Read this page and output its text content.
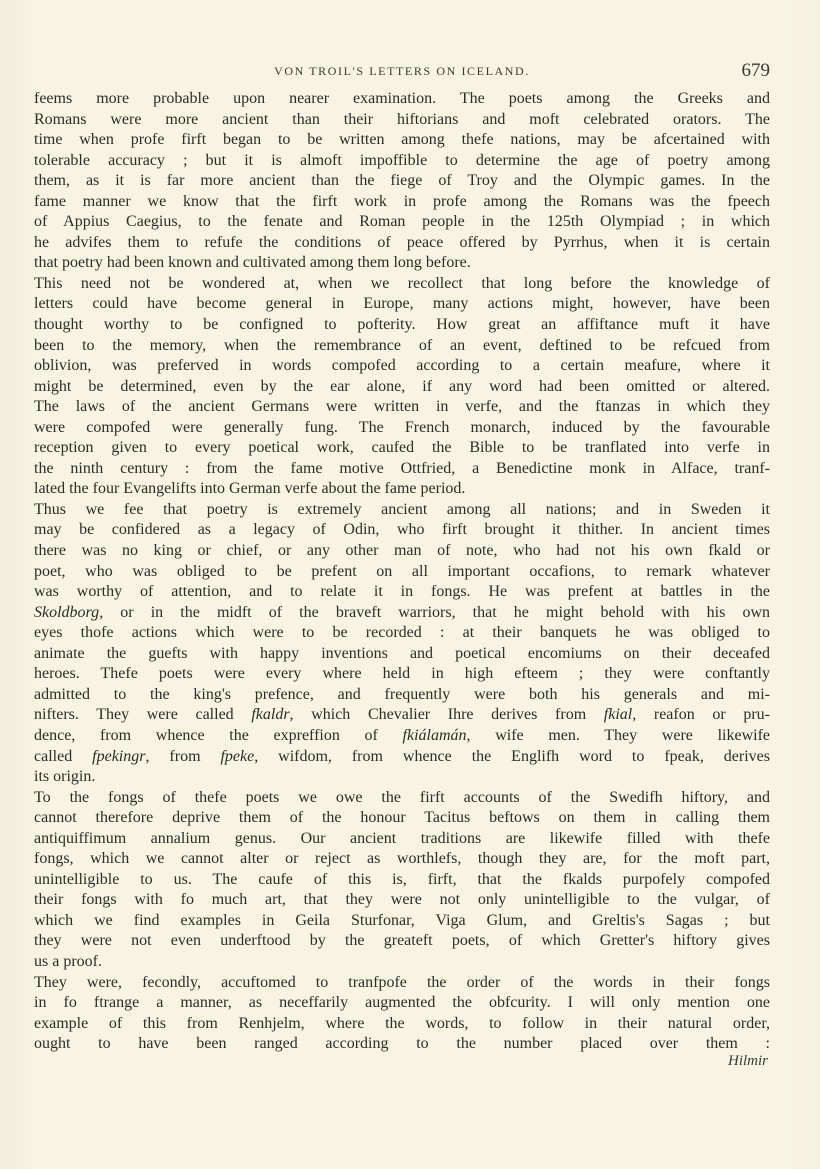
VON TROIL'S LETTERS ON ICELAND.	679
feems more probable upon nearer examination. The poets among the Greeks and
Romans were more ancient than their hiftorians and moft celebrated orators. The
time when profe firft began to be written among thefe nations, may be afcertained with
tolerable accuracy ; but it is almoft impoffible to determine the age of poetry among
them, as it is far more ancient than the fiege of Troy and the Olympic games. In the
fame manner we know that the firft work in profe among the Romans was the fpeech
of Appius Caegius, to the fenate and Roman people in the 125th Olympiad ; in which
he advifes them to refufe the conditions of peace offered by Pyrrhus, when it is certain
that poetry had been known and cultivated among them long before.
This need not be wondered at, when we recollect that long before the knowledge of
letters could have become general in Europe, many actions might, however, have been
thought worthy to be configned to pofterity. How great an affiftance muft it have
been to the memory, when the remembrance of an event, deftined to be refcued from
oblivion, was preferved in words compofed according to a certain meafure, where it
might be determined, even by the ear alone, if any word had been omitted or altered.
The laws of the ancient Germans were written in verfe, and the ftanzas in which they
were compofed were generally fung. The French monarch, induced by the favourable
reception given to every poetical work, caufed the Bible to be tranflated into verfe in
the ninth century : from the fame motive Ottfried, a Benedictine monk in Alface, tranf-
lated the four Evangelifts into German verfe about the fame period.
Thus we fee that poetry is extremely ancient among all nations; and in Sweden it
may be confidered as a legacy of Odin, who firft brought it thither. In ancient times
there was no king or chief, or any other man of note, who had not his own fkald or
poet, who was obliged to be prefent on all important occafions, to remark whatever
was worthy of attention, and to relate it in fongs. He was prefent at battles in the
Skoldborg, or in the midft of the braveft warriors, that he might behold with his own
eyes thofe actions which were to be recorded : at their banquets he was obliged to
animate the guefts with happy inventions and poetical encomiums on their deceafed
heroes. Thefe poets were every where held in high efteem ; they were conftantly
admitted to the king's prefence, and frequently were both his generals and mi-
nifters. They were called fkaldr, which Chevalier Ihre derives from fkial, reafon or pru-
dence, from whence the expreffion of fkiálamán, wife men. They were likewife
called fpekingr, from fpeke, wifdom, from whence the Englifh word to fpeak, derives
its origin.
To the fongs of thefe poets we owe the firft accounts of the Swedifh hiftory, and
cannot therefore deprive them of the honour Tacitus beftows on them in calling them
antiquiffimum annalium genus. Our ancient traditions are likewife filled with thefe
fongs, which we cannot alter or reject as worthlefs, though they are, for the moft part,
unintelligible to us. The caufe of this is, firft, that the fkalds purpofely compofed
their fongs with fo much art, that they were not only unintelligible to the vulgar, of
which we find examples in Geila Sturfonar, Viga Glum, and Greltis's Sagas ; but
they were not even underftood by the greateft poets, of which Gretter's hiftory gives
us a proof.
They were, fecondly, accuftomed to tranfpofe the order of the words in their fongs
in fo ftrange a manner, as neceffarily augmented the obfcurity. I will only mention one
example of this from Renhjelm, where the words, to follow in their natural order,
ought to have been ranged according to the number placed over them :
Hilmir
